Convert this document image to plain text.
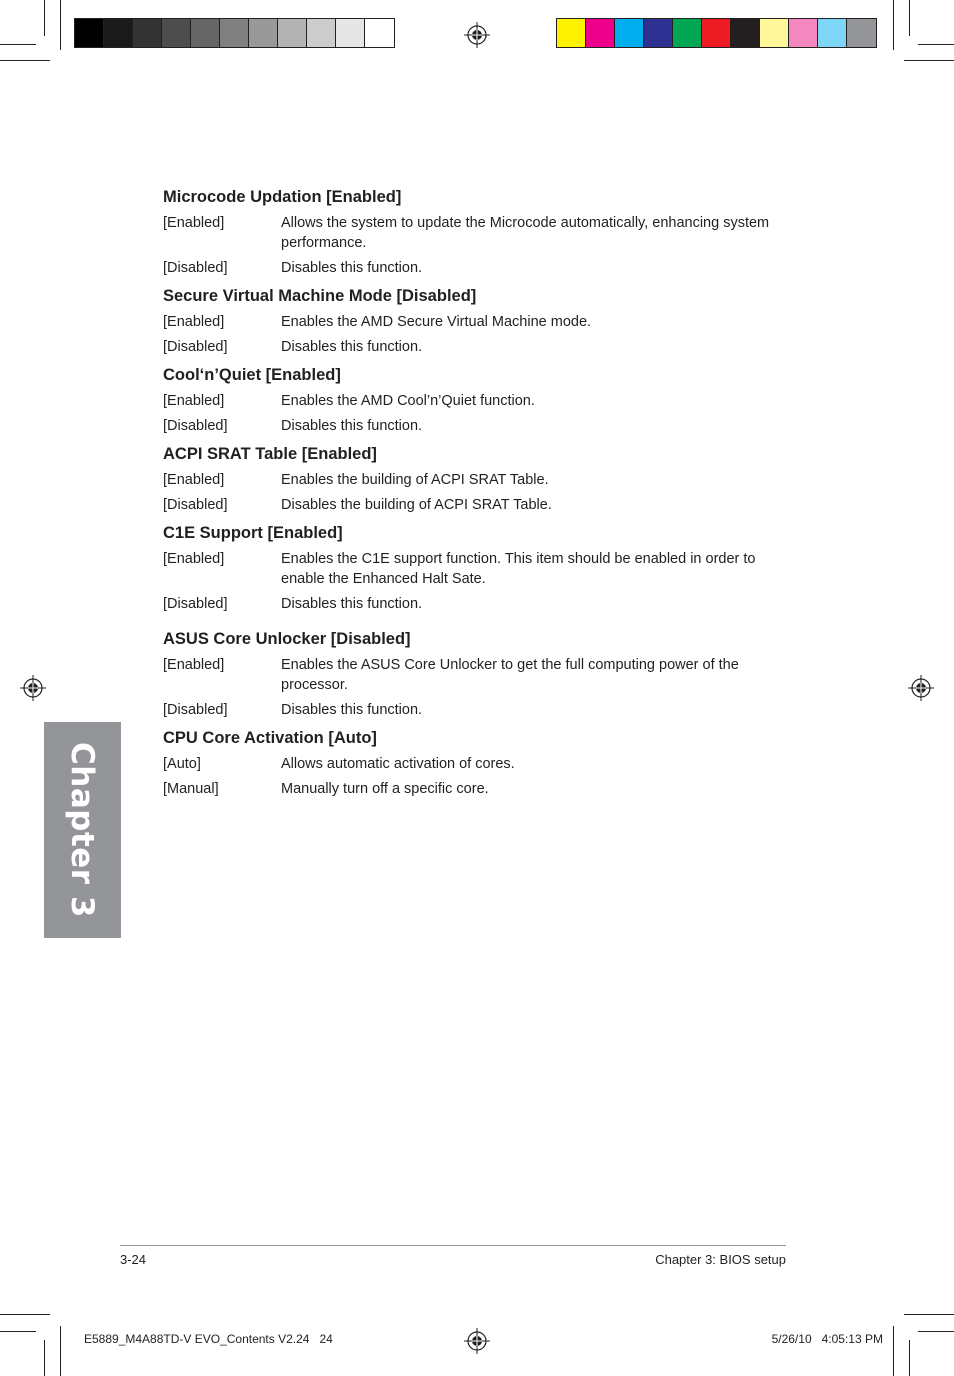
Chapter 3
Microcode Updation [Enabled]
[Enabled]	Allows the system to update the Microcode automatically, enhancing system performance.
[Disabled]	Disables this function.
Secure Virtual Machine Mode [Disabled]
[Enabled]	Enables the AMD Secure Virtual Machine mode.
[Disabled]	Disables this function.
Cool‘n’Quiet [Enabled]
[Enabled]	Enables the AMD Cool’n’Quiet function.
[Disabled]	Disables this function.
ACPI SRAT Table [Enabled]
[Enabled]	Enables the building of ACPI SRAT Table.
[Disabled]	Disables the building of ACPI SRAT Table.
C1E Support [Enabled]
[Enabled]	Enables the C1E support function. This item should be enabled in order to enable the Enhanced Halt Sate.
[Disabled]	Disables this function.
ASUS Core Unlocker [Disabled]
[Enabled]	Enables the ASUS Core Unlocker to get the full computing power of the processor.
[Disabled]	Disables this function.
CPU Core Activation [Auto]
[Auto]	Allows automatic activation of cores.
[Manual]	Manually turn off a specific core.
3-24	Chapter 3: BIOS setup
E5889_M4A88TD-V EVO_Contents V2.24   24	5/26/10   4:05:13 PM
